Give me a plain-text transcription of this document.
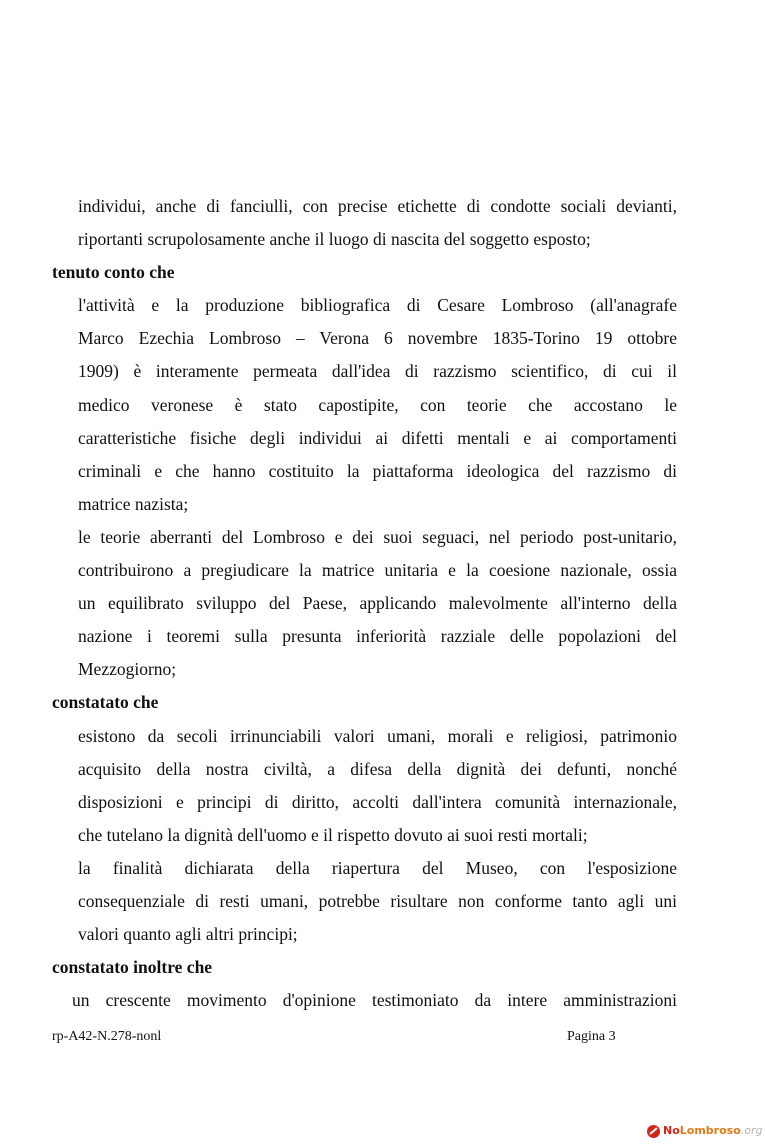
individui, anche di fanciulli, con precise etichette di condotte sociali devianti,
riportanti scrupolosamente anche il luogo di nascita del soggetto esposto;
tenuto conto che
l'attività e la produzione bibliografica di Cesare Lombroso (all'anagrafe
Marco Ezechia Lombroso – Verona 6 novembre 1835-Torino 19 ottobre
1909) è interamente permeata dall'idea di razzismo scientifico, di cui il
medico veronese è stato capostipite, con teorie che accostano le
caratteristiche fisiche degli individui ai difetti mentali e ai comportamenti
criminali e che hanno costituito la piattaforma ideologica del razzismo di
matrice nazista;
le teorie aberranti del Lombroso e dei suoi seguaci, nel periodo post-unitario,
contribuirono a pregiudicare la matrice unitaria e la coesione nazionale, ossia
un equilibrato sviluppo del Paese, applicando malevolmente all'interno della
nazione i teoremi sulla presunta inferiorità razziale delle popolazioni del
Mezzogiorno;
constatato che
esistono da secoli irrinunciabili valori umani, morali e religiosi, patrimonio
acquisito della nostra civiltà, a difesa della dignità dei defunti, nonché
disposizioni e principi di diritto, accolti dall'intera comunità internazionale,
che tutelano la dignità dell'uomo e il rispetto dovuto ai suoi resti mortali;
la finalità dichiarata della riapertura del Museo, con l'esposizione
consequenziale di resti umani, potrebbe risultare non conforme tanto agli uni
valori quanto agli altri principi;
constatato inoltre che
un crescente movimento d'opinione testimoniato da intere amministrazioni
rp-A42-N.278-nonl	Pagina 3
NoLombroso.org
